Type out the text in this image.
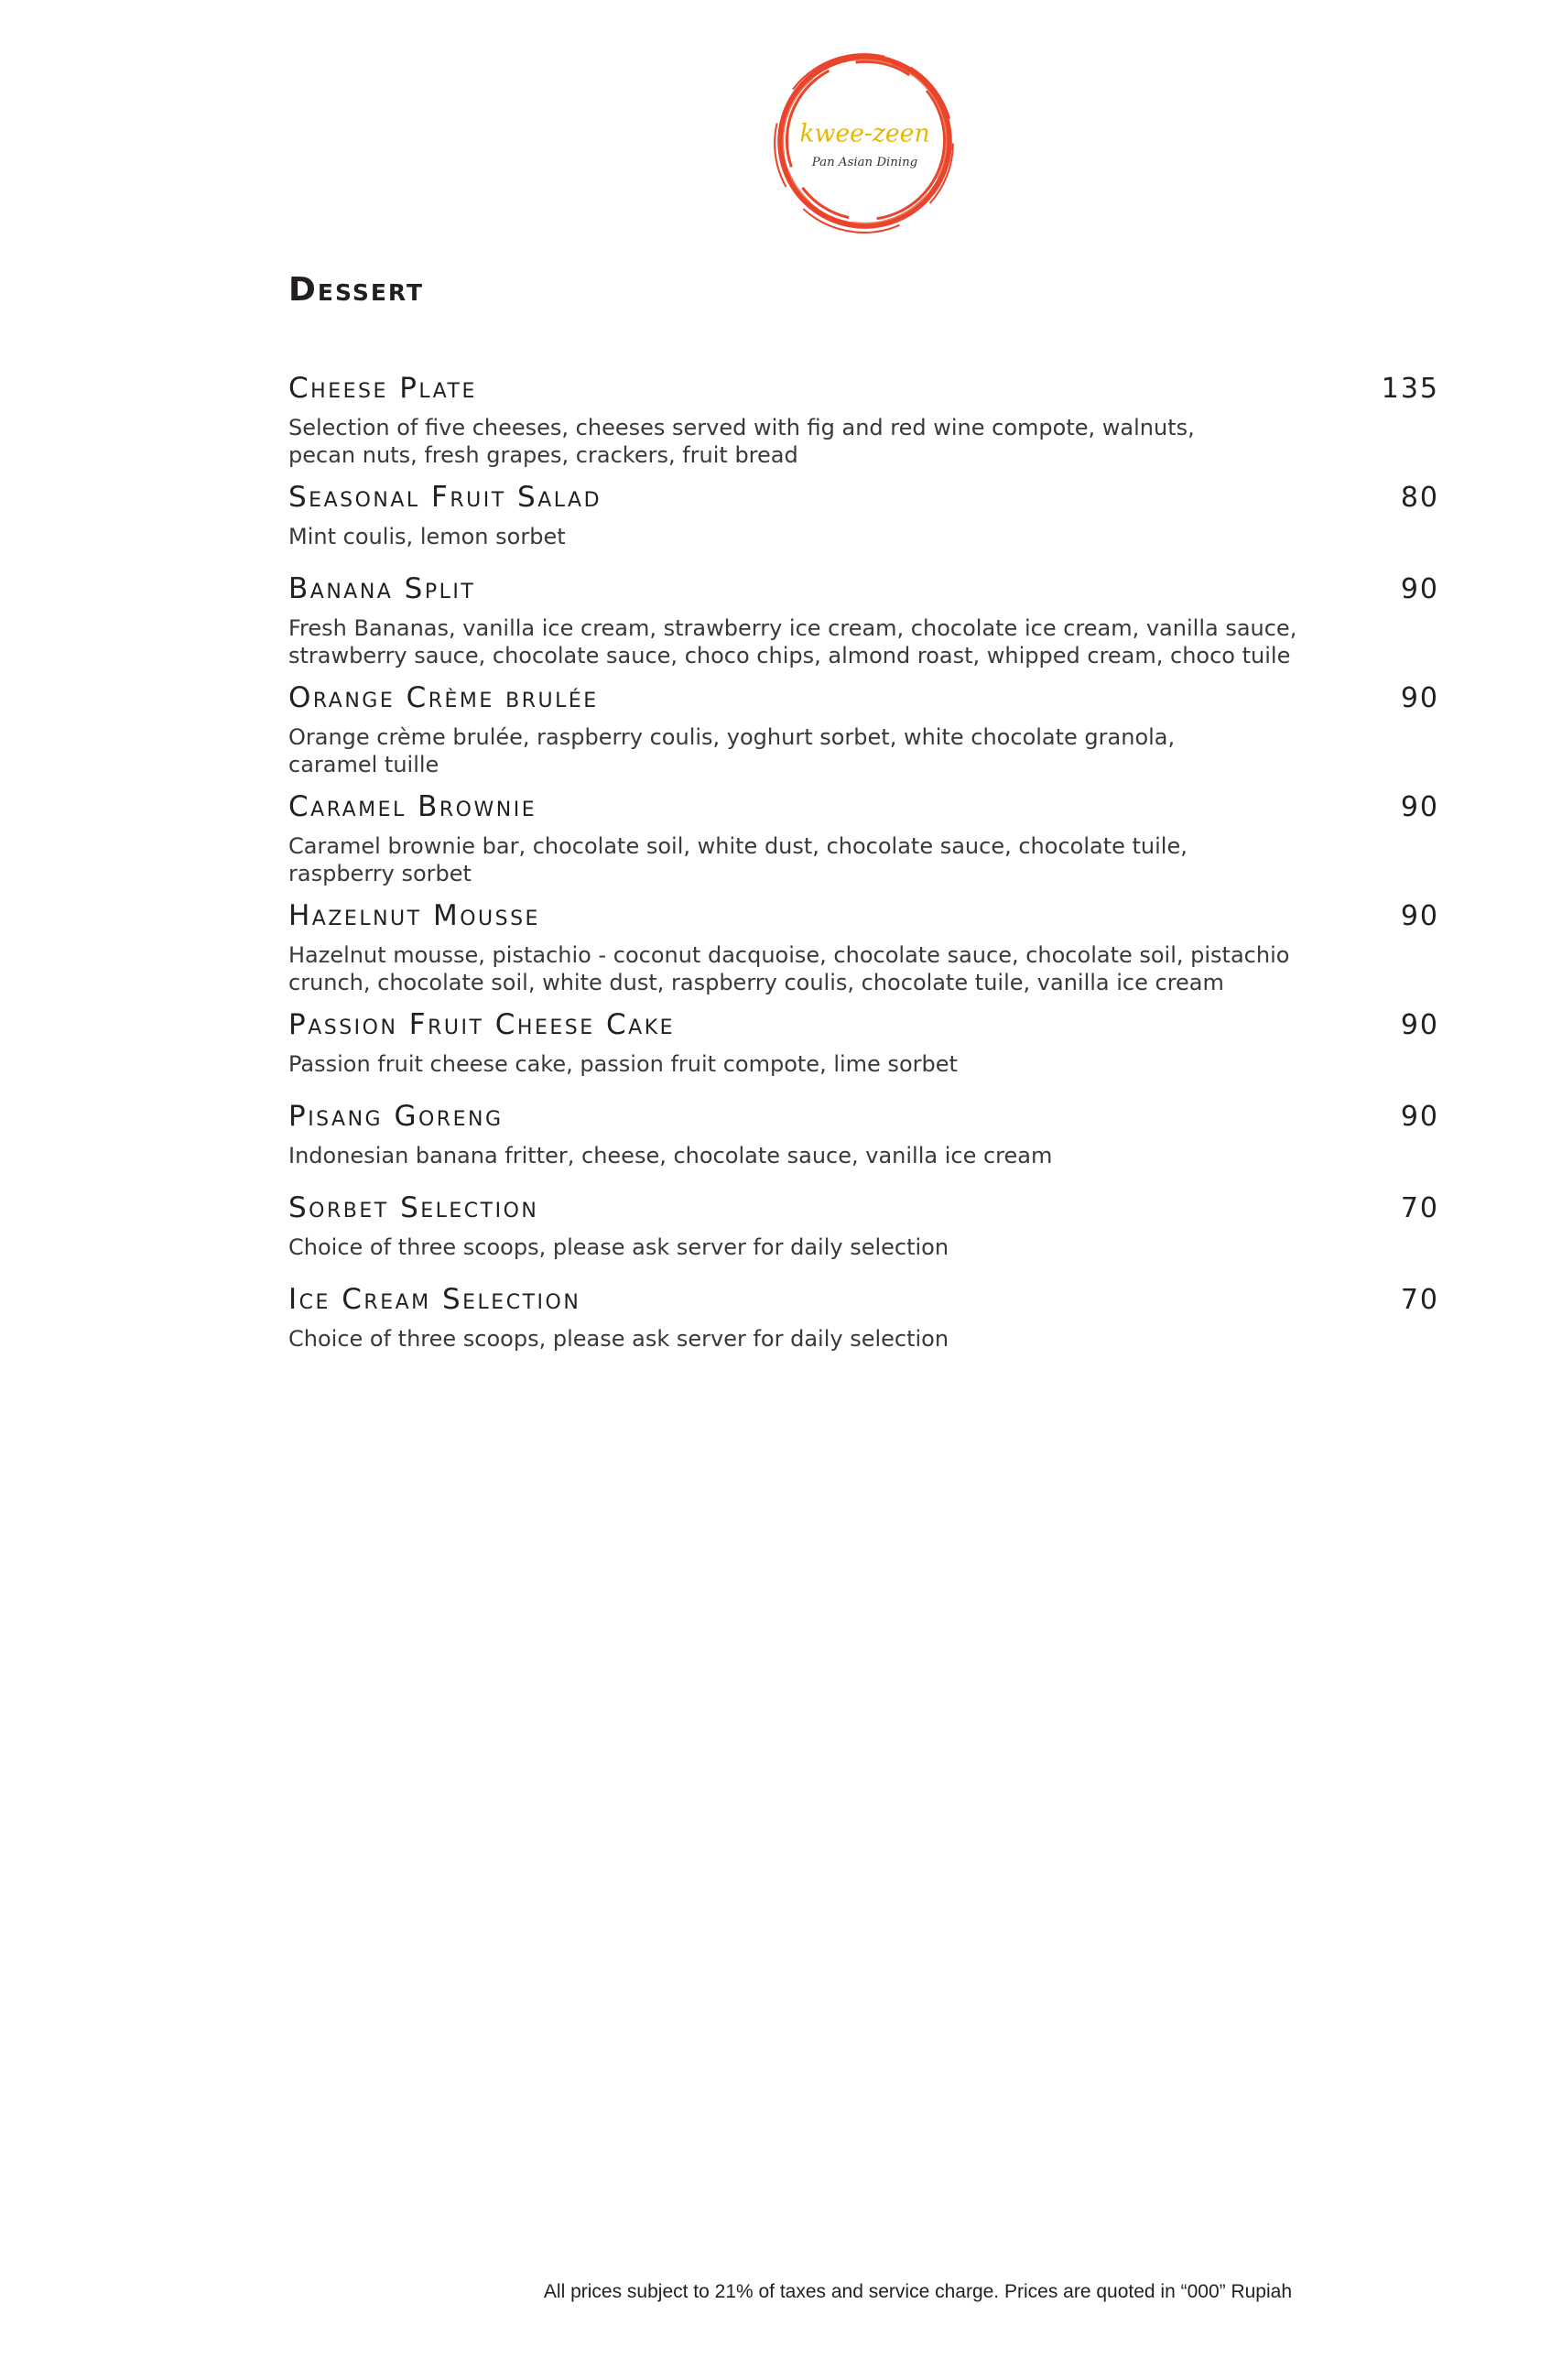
kwee-zeen
Pan Asian Dining
Dessert
Cheese Plate	135
Selection of five cheeses, cheeses served with fig and red wine compote, walnuts,
pecan nuts, fresh grapes, crackers, fruit bread
Seasonal Fruit Salad	80
Mint coulis, lemon sorbet
Banana Split	90
Fresh Bananas, vanilla ice cream, strawberry ice cream, chocolate ice cream, vanilla sauce,
strawberry sauce, chocolate sauce, choco chips, almond roast, whipped cream, choco tuile
Orange Crème brulée	90
Orange crème brulée, raspberry coulis, yoghurt sorbet, white chocolate granola,
caramel tuille
Caramel Brownie	90
Caramel brownie bar, chocolate soil, white dust, chocolate sauce, chocolate tuile,
raspberry sorbet
Hazelnut Mousse	90
Hazelnut mousse, pistachio - coconut dacquoise, chocolate sauce, chocolate soil, pistachio
crunch, chocolate soil, white dust, raspberry coulis, chocolate tuile, vanilla ice cream
Passion Fruit Cheese Cake	90
Passion fruit cheese cake, passion fruit compote, lime sorbet
Pisang Goreng	90
Indonesian banana fritter, cheese, chocolate sauce, vanilla ice cream
Sorbet Selection	70
Choice of three scoops, please ask server for daily selection
Ice Cream Selection	70
Choice of three scoops, please ask server for daily selection
All prices subject to 21% of taxes and service charge. Prices are quoted in “000” Rupiah
